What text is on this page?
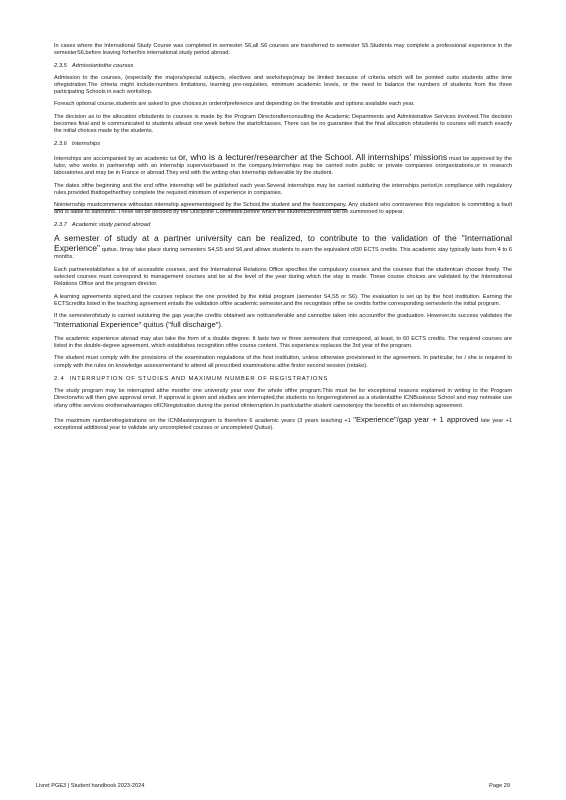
In cases where the International Study Course was completed in semester S6,all S6 courses are transferred to semester S5.Students may complete a professional experience in the semesterS6,before leaving forher/his international study period abroad.

2.3.5 Admissiontothe courses

Admission to the courses, (especially the majors/special subjects, electives and workshops)may be limited because of criteria which will be pointed outto students atthe time ofregistration.The criteria might include:numbers limitations, learning pre-requisites, minimum academic levels, or the need to balance the numbers of students from the three participating Schools in each workshop.

Foreach optional course,students are asked to give choices,in orderofpreference and depending on the timetable and options available each year.

The decision as to the allocation ofstudents to courses is made by the Program Directorafterconsulting the Academic Departments and Administrative Services involved.The decision becomes final and is communicated to students atleast one week before the startofclasses. There can be no guarantee that the final allocation ofstudents to courses will match exactly the initial choices made by the students.

2.3.6 Internships

Internships are accompanied by an academic tut or, who is a lecturer/researcher at the School. All internships' missions must be approved by the tutor, who works in partnership with an internship supervisorbased in the company.Internships may be carried outin public or private companies ororganizations,or in research laboratories,and may be in France or abroad.They end with the writing ofan internship deliverable by the student.

The dates ofthe beginning and the end ofthe internship will be published each year.Several internships may be carried outduring the internships period,in compliance with regulatory rules,provided thattogetherthey complete the required minimum of experience in companies.

Nointernship mustcommence withoutan internship agreementsigned by the School,the student and the hostcompany. Any student who contravenes this regulation is committing a fault and is liable to sanctions. These will be decided by the Discipline Committee,before which the studentconcerned will be summoned to appear.

2.3.7 Academic study period abroad

A semester of study at a partner university can be realized, to contribute to the validation of the "International Experience" quitus. Itmay take place during semesters S4,S5 and S6,and allows students to earn the equivalent of30 ECTS credits. This academic stay typically lasts from 4 to 6 months.

Each partnerestablishes a list of accessible courses, and the International Relations Office specifies the compulsory courses and the courses that the studentcan choose freely. The selected courses must correspond to management courses and be at the level of the year during which the stay is made. These course choices are validated by the International Relations Office and the program director.

A learning agreements signed,and the courses replace the one provided by the initial program (semester S4,S5 or S6). The evaluation is set up by the host institution. Earning the ECTScredits listed in the teaching agreement entails the validation ofthe academic semester,and the recognition ofthe se credits forthe corresponding semesterin the initial program.

If the semesterofstudy is carried outduring the gap year,the credits obtained are nottransferable and cannotbe taken into accountfor the graduation. However,its success validates the "International Experience" quitus ("full discharge").

The academic experience abroad may also take the form of a double degree. It lasts two or three semesters that correspond, at least, to 60 ECTS credits. The required courses are listed in the double-degree agreement, which establishes recognition ofthe course content. This experience replaces the 3rd year of the program.

The student must comply with the provisions of the examination regulations of the host institution, unless otherwise provisioned in the agreement. In particular, he / she is required to comply with the rules on knowledge assessmentand to attend all prescribed examinations atthe firstor second session (retake).

2.4 INTERRUPTION OF STUDIES AND MAXIMUM NUMBER OF REGISTRATIONS

The study program may be interrupted atthe mostfor one university year over the whole ofthe program.This must be for exceptional reasons explained in writing to the Program Directorwho will then give approval ornot. If approval is given and studies are interrupted,the students no longerregistered as a studentatthe ICNBusiness School and may notmake use ofany ofthe services orotheradvantages ofICNregistration during the period ofinterruption.In particularthe student cannotenjoy the benefits of an internship agreement.

The maximum numberofregistrations on the ICNMasterprogram is therefore 6 academic years (3 years teaching +1 "Experience"/gap year + 1 approved late year +1 exceptional additional year to validate any uncompleted courses or uncompleted Quitus).

Livret PGE3 | Student handbook 2023-2024	Page 29
